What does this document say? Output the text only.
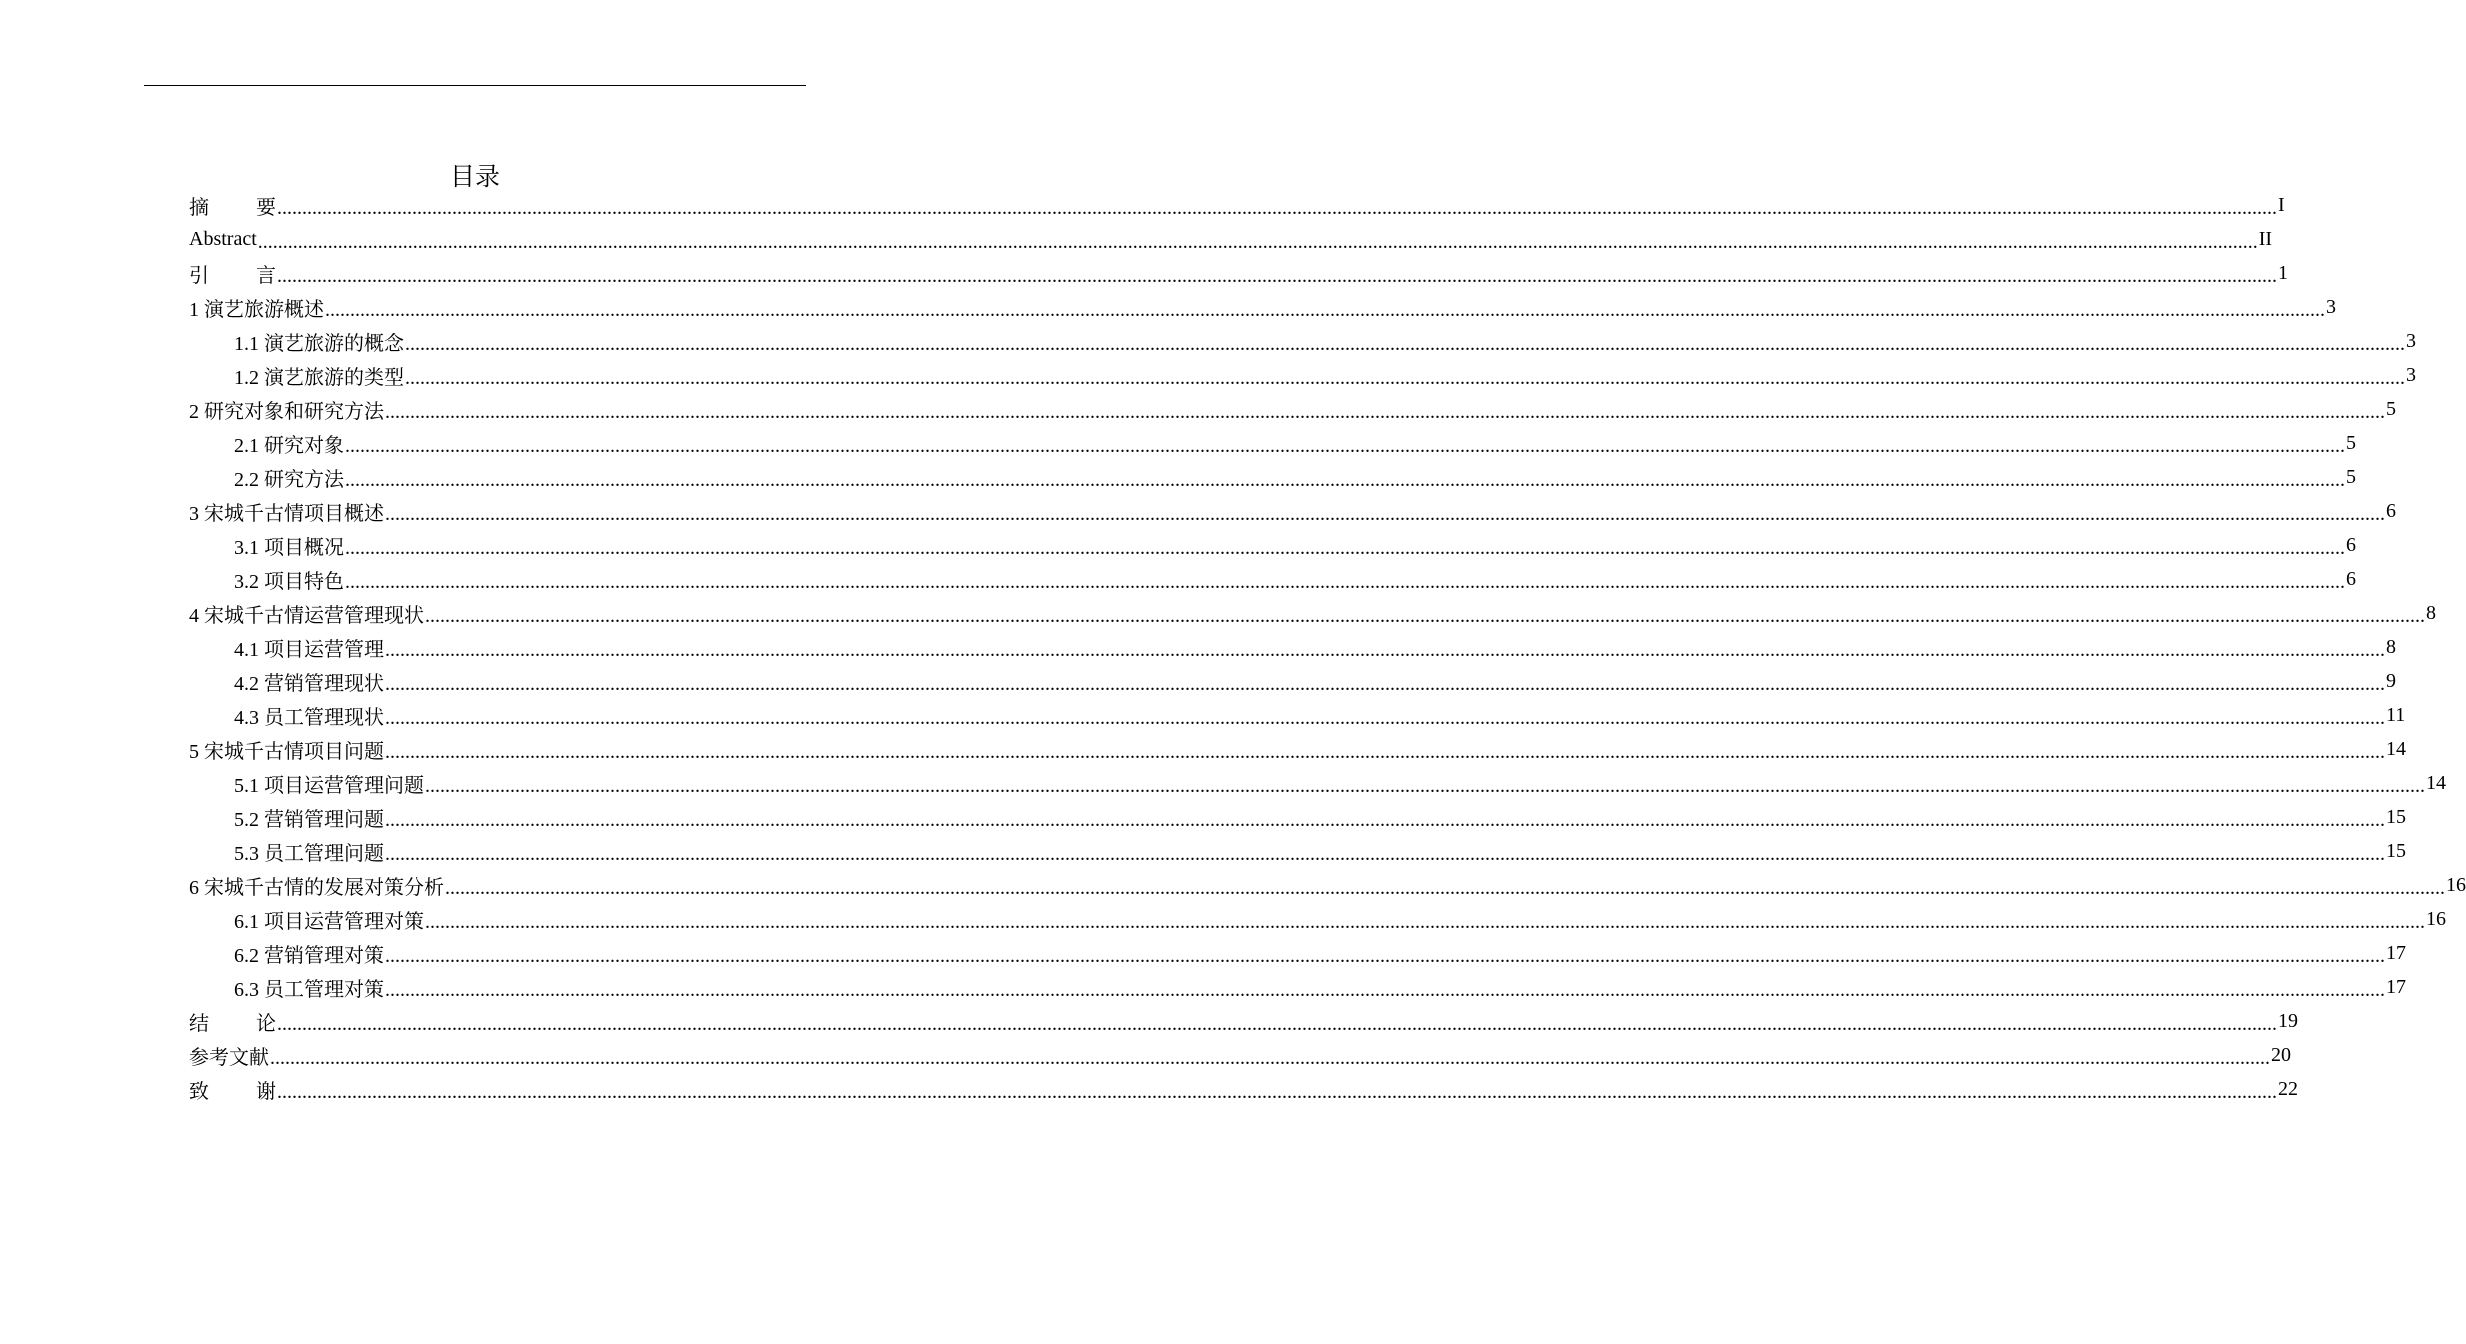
目录
摘 要 ................................................................................................................................................................................................................................................................................................................................................................................................................ I
Abstract ................................................................................................................................................................................................................................................................................................................................................................................................................ II
引 言 ................................................................................................................................................................................................................................................................................................................................................................................................................ 1
1 演艺旅游概述 ................................................................................................................................................................................................................................................................................................................................................................................................................ 3
1.1 演艺旅游的概念 ................................................................................................................................................................................................................................................................................................................................................................................................................ 3
1.2 演艺旅游的类型 ................................................................................................................................................................................................................................................................................................................................................................................................................ 3
2 研究对象和研究方法 ................................................................................................................................................................................................................................................................................................................................................................................................................ 5
2.1 研究对象 ................................................................................................................................................................................................................................................................................................................................................................................................................ 5
2.2 研究方法 ................................................................................................................................................................................................................................................................................................................................................................................................................ 5
3 宋城千古情项目概述 ................................................................................................................................................................................................................................................................................................................................................................................................................ 6
3.1 项目概况 ................................................................................................................................................................................................................................................................................................................................................................................................................ 6
3.2 项目特色 ................................................................................................................................................................................................................................................................................................................................................................................................................ 6
4 宋城千古情运营管理现状 ................................................................................................................................................................................................................................................................................................................................................................................................................ 8
4.1 项目运营管理 ................................................................................................................................................................................................................................................................................................................................................................................................................ 8
4.2 营销管理现状 ................................................................................................................................................................................................................................................................................................................................................................................................................ 9
4.3 员工管理现状 ................................................................................................................................................................................................................................................................................................................................................................................................................ 11
5 宋城千古情项目问题 ................................................................................................................................................................................................................................................................................................................................................................................................................ 14
5.1 项目运营管理问题 ................................................................................................................................................................................................................................................................................................................................................................................................................ 14
5.2 营销管理问题 ................................................................................................................................................................................................................................................................................................................................................................................................................ 15
5.3 员工管理问题 ................................................................................................................................................................................................................................................................................................................................................................................................................ 15
6 宋城千古情的发展对策分析 ................................................................................................................................................................................................................................................................................................................................................................................................................ 16
6.1 项目运营管理对策 ................................................................................................................................................................................................................................................................................................................................................................................................................ 16
6.2 营销管理对策 ................................................................................................................................................................................................................................................................................................................................................................................................................ 17
6.3 员工管理对策 ................................................................................................................................................................................................................................................................................................................................................................................................................ 17
结 论 ................................................................................................................................................................................................................................................................................................................................................................................................................ 19
参考文献 ................................................................................................................................................................................................................................................................................................................................................................................................................ 20
致 谢 ................................................................................................................................................................................................................................................................................................................................................................................................................ 22
